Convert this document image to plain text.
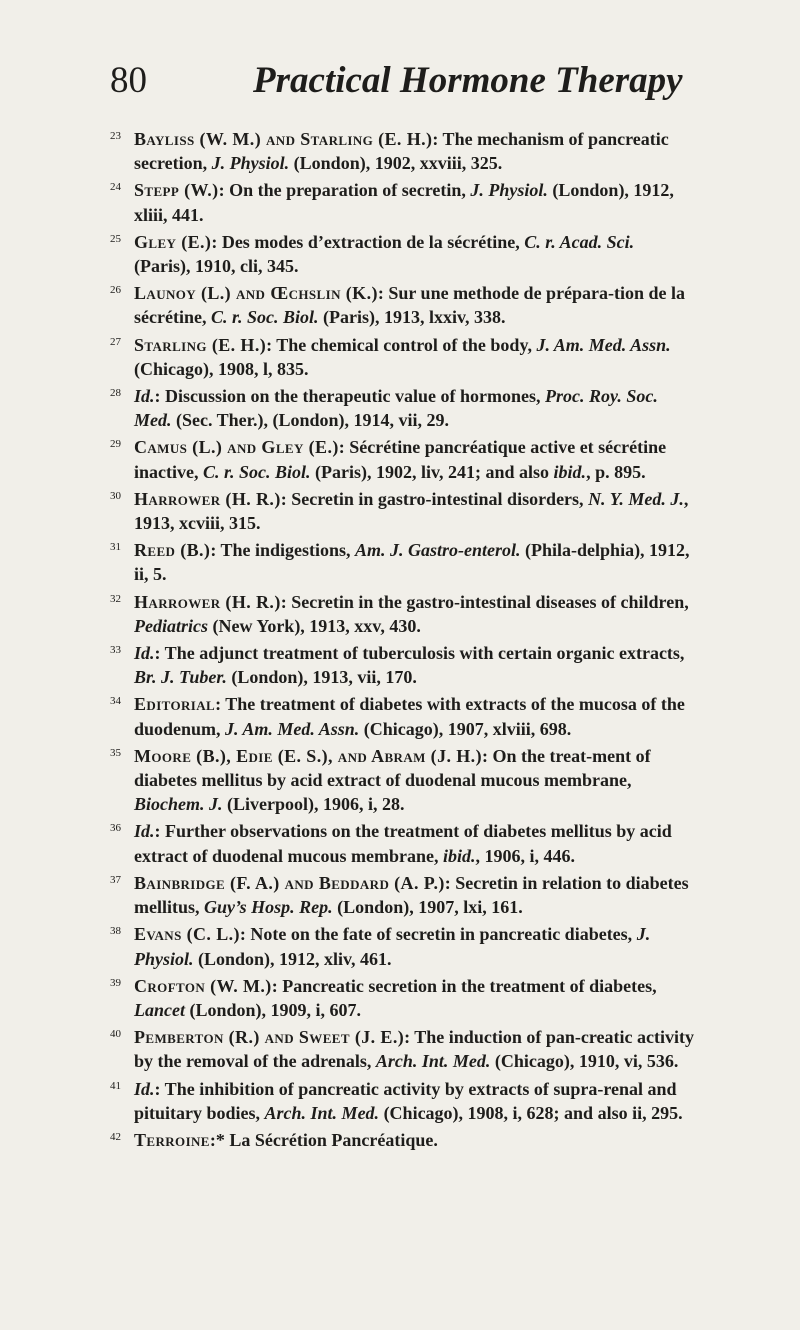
80	Practical Hormone Therapy
23 Bayliss (W. M.) and Starling (E. H.): The mechanism of pancreatic secretion, J. Physiol. (London), 1902, xxviii, 325.
24 Stepp (W.): On the preparation of secretin, J. Physiol. (London), 1912, xliii, 441.
25 Gley (E.): Des modes d’extraction de la sécrétine, C. r. Acad. Sci. (Paris), 1910, cli, 345.
26 Launoy (L.) and Œchslin (K.): Sur une methode de prépara-tion de la sécrétine, C. r. Soc. Biol. (Paris), 1913, lxxiv, 338.
27 Starling (E. H.): The chemical control of the body, J. Am. Med. Assn. (Chicago), 1908, l, 835.
28 Id.: Discussion on the therapeutic value of hormones, Proc. Roy. Soc. Med. (Sec. Ther.), (London), 1914, vii, 29.
29 Camus (L.) and Gley (E.): Sécrétine pancréatique active et sécrétine inactive, C. r. Soc. Biol. (Paris), 1902, liv, 241; and also ibid., p. 895.
30 Harrower (H. R.): Secretin in gastro-intestinal disorders, N. Y. Med. J., 1913, xcviii, 315.
31 Reed (B.): The indigestions, Am. J. Gastro-enterol. (Phila-delphia), 1912, ii, 5.
32 Harrower (H. R.): Secretin in the gastro-intestinal diseases of children, Pediatrics (New York), 1913, xxv, 430.
33 Id.: The adjunct treatment of tuberculosis with certain organic extracts, Br. J. Tuber. (London), 1913, vii, 170.
34 Editorial: The treatment of diabetes with extracts of the mucosa of the duodenum, J. Am. Med. Assn. (Chicago), 1907, xlviii, 698.
35 Moore (B.), Edie (E. S.), and Abram (J. H.): On the treat-ment of diabetes mellitus by acid extract of duodenal mucous membrane, Biochem. J. (Liverpool), 1906, i, 28.
36 Id.: Further observations on the treatment of diabetes mellitus by acid extract of duodenal mucous membrane, ibid., 1906, i, 446.
37 Bainbridge (F. A.) and Beddard (A. P.): Secretin in relation to diabetes mellitus, Guy’s Hosp. Rep. (London), 1907, lxi, 161.
38 Evans (C. L.): Note on the fate of secretin in pancreatic diabetes, J. Physiol. (London), 1912, xliv, 461.
39 Crofton (W. M.): Pancreatic secretion in the treatment of diabetes, Lancet (London), 1909, i, 607.
40 Pemberton (R.) and Sweet (J. E.): The induction of pan-creatic activity by the removal of the adrenals, Arch. Int. Med. (Chicago), 1910, vi, 536.
41 Id.: The inhibition of pancreatic activity by extracts of supra-renal and pituitary bodies, Arch. Int. Med. (Chicago), 1908, i, 628; and also ii, 295.
42 Terroine:* La Sécrétion Pancréatique.
